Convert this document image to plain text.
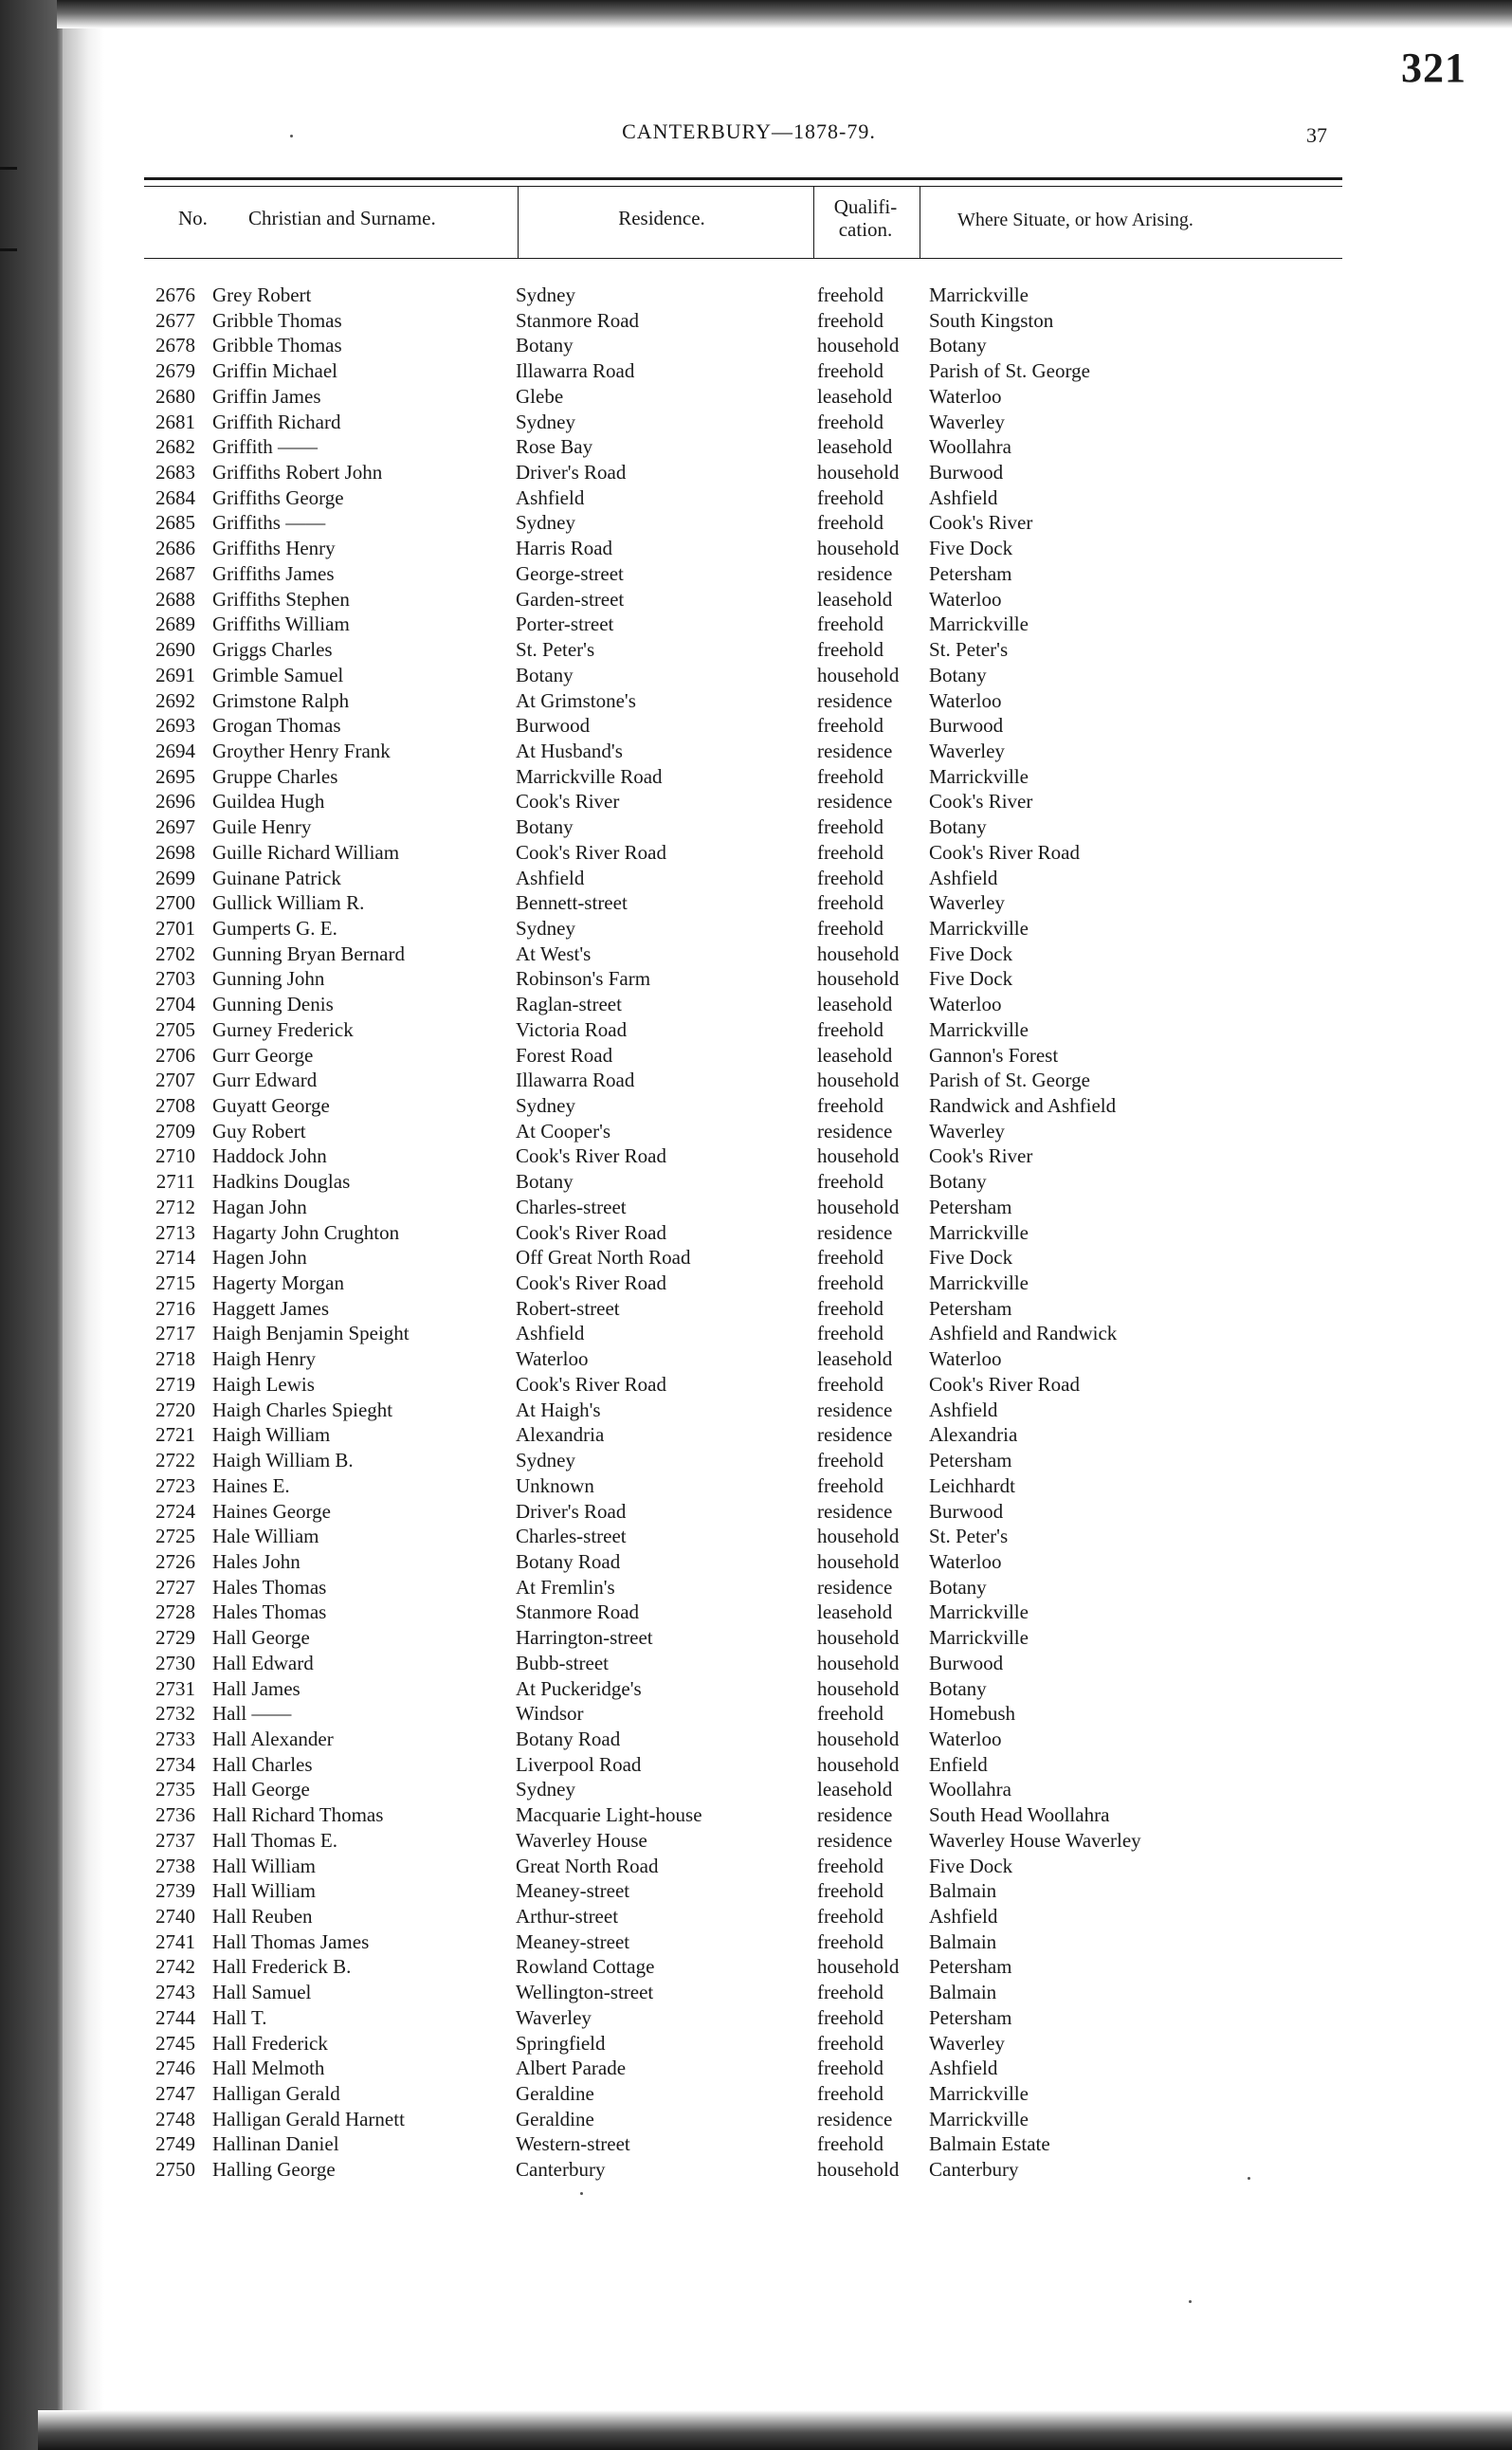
321
CANTERBURY—1878-79.	37
No. Christian and Surname.	Residence.	Qualifi-
cation.	Where Situate, or how Arising.
2676 Grey Robert	Sydney	freehold Marrickville
2677 Gribble Thomas	Stanmore Road	freehold South Kingston
2678 Gribble Thomas	Botany	household Botany
2679 Griffin Michael	Illawarra Road	freehold Parish of St. George
2680 Griffin James	Glebe	leasehold Waterloo
2681 Griffith Richard	Sydney	freehold Waverley
2682 Griffith ——	Rose Bay	leasehold Woollahra
2683 Griffiths Robert John	Driver's Road	household Burwood
2684 Griffiths George	Ashfield	freehold Ashfield
2685 Griffiths ——	Sydney	freehold Cook's River
2686 Griffiths Henry	Harris Road	household Five Dock
2687 Griffiths James	George-street	residence Petersham
2688 Griffiths Stephen	Garden-street	leasehold Waterloo
2689 Griffiths William	Porter-street	freehold Marrickville
2690 Griggs Charles	St. Peter's	freehold St. Peter's
2691 Grimble Samuel	Botany	household Botany
2692 Grimstone Ralph	At Grimstone's	residence Waterloo
2693 Grogan Thomas	Burwood	freehold Burwood
2694 Groyther Henry Frank	At Husband's	residence Waverley
2695 Gruppe Charles	Marrickville Road	freehold Marrickville
2696 Guildea Hugh	Cook's River	residence Cook's River
2697 Guile Henry	Botany	freehold Botany
2698 Guille Richard William	Cook's River Road	freehold Cook's River Road
2699 Guinane Patrick	Ashfield	freehold Ashfield
2700 Gullick William R.	Bennett-street	freehold Waverley
2701 Gumperts G. E.	Sydney	freehold Marrickville
2702 Gunning Bryan Bernard	At West's	household Five Dock
2703 Gunning John	Robinson's Farm	household Five Dock
2704 Gunning Denis	Raglan-street	leasehold Waterloo
2705 Gurney Frederick	Victoria Road	freehold Marrickville
2706 Gurr George	Forest Road	leasehold Gannon's Forest
2707 Gurr Edward	Illawarra Road	household Parish of St. George
2708 Guyatt George	Sydney	freehold Randwick and Ashfield
2709 Guy Robert	At Cooper's	residence Waverley
2710 Haddock John	Cook's River Road	household Cook's River
2711 Hadkins Douglas	Botany	freehold Botany
2712 Hagan John	Charles-street	household Petersham
2713 Hagarty John Crughton	Cook's River Road	residence Marrickville
2714 Hagen John	Off Great North Road	freehold Five Dock
2715 Hagerty Morgan	Cook's River Road	freehold Marrickville
2716 Haggett James	Robert-street	freehold Petersham
2717 Haigh Benjamin Speight	Ashfield	freehold Ashfield and Randwick
2718 Haigh Henry	Waterloo	leasehold Waterloo
2719 Haigh Lewis	Cook's River Road	freehold Cook's River Road
2720 Haigh Charles Spieght	At Haigh's	residence Ashfield
2721 Haigh William	Alexandria	residence Alexandria
2722 Haigh William B.	Sydney	freehold Petersham
2723 Haines E.	Unknown	freehold Leichhardt
2724 Haines George	Driver's Road	residence Burwood
2725 Hale William	Charles-street	household St. Peter's
2726 Hales John	Botany Road	household Waterloo
2727 Hales Thomas	At Fremlin's	residence Botany
2728 Hales Thomas	Stanmore Road	leasehold Marrickville
2729 Hall George	Harrington-street	household Marrickville
2730 Hall Edward	Bubb-street	household Burwood
2731 Hall James	At Puckeridge's	household Botany
2732 Hall ——	Windsor	freehold Homebush
2733 Hall Alexander	Botany Road	household Waterloo
2734 Hall Charles	Liverpool Road	household Enfield
2735 Hall George	Sydney	leasehold Woollahra
2736 Hall Richard Thomas	Macquarie Light-house	residence South Head Woollahra
2737 Hall Thomas E.	Waverley House	residence Waverley House Waverley
2738 Hall William	Great North Road	freehold Five Dock
2739 Hall William	Meaney-street	freehold Balmain
2740 Hall Reuben	Arthur-street	freehold Ashfield
2741 Hall Thomas James	Meaney-street	freehold Balmain
2742 Hall Frederick B.	Rowland Cottage	household Petersham
2743 Hall Samuel	Wellington-street	freehold Balmain
2744 Hall T.	Waverley	freehold Petersham
2745 Hall Frederick	Springfield	freehold Waverley
2746 Hall Melmoth	Albert Parade	freehold Ashfield
2747 Halligan Gerald	Geraldine	freehold Marrickville
2748 Halligan Gerald Harnett	Geraldine	residence Marrickville
2749 Hallinan Daniel	Western-street	freehold Balmain Estate
2750 Halling George	Canterbury	household Canterbury
